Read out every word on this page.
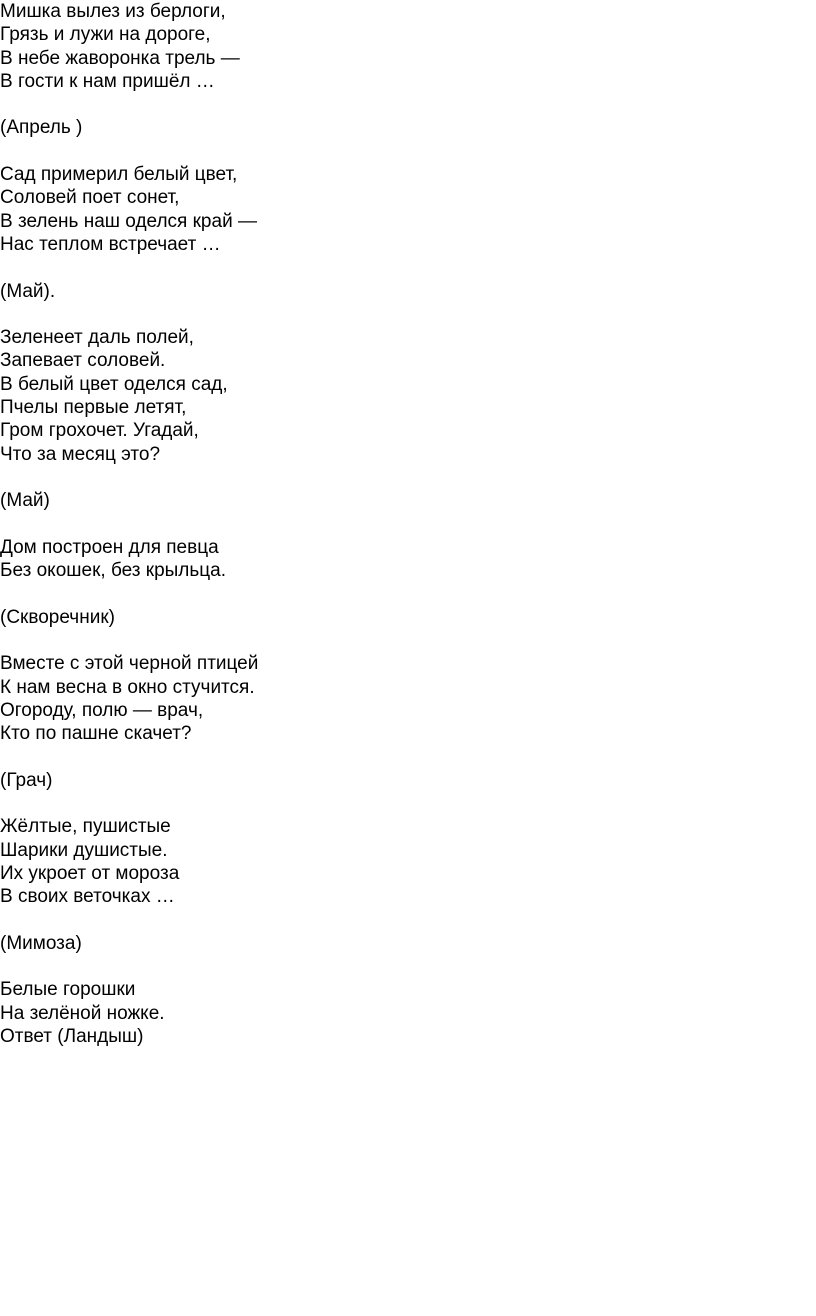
Мишка вылез из берлоги,
Грязь и лужи на дороге,
В небе жаворонка трель —
В гости к нам пришёл …
(Апрель )
Сад примерил белый цвет,
Соловей поет сонет,
В зелень наш оделся край —
Нас теплом встречает …
(Май).
Зеленеет даль полей,
Запевает соловей.
В белый цвет оделся сад,
Пчелы первые летят,
Гром грохочет. Угадай,
Что за месяц это?
(Май)
Дом построен для певца
Без окошек, без крыльца.
(Скворечник)
Вместе с этой черной птицей
К нам весна в окно стучится.
Огороду, полю — врач,
Кто по пашне скачет?
(Грач)
Жёлтые, пушистые
Шарики душистые.
Их укроет от мороза
В своих веточках …
(Мимоза)
Белые горошки
На зелёной ножке.
Ответ (Ландыш)
